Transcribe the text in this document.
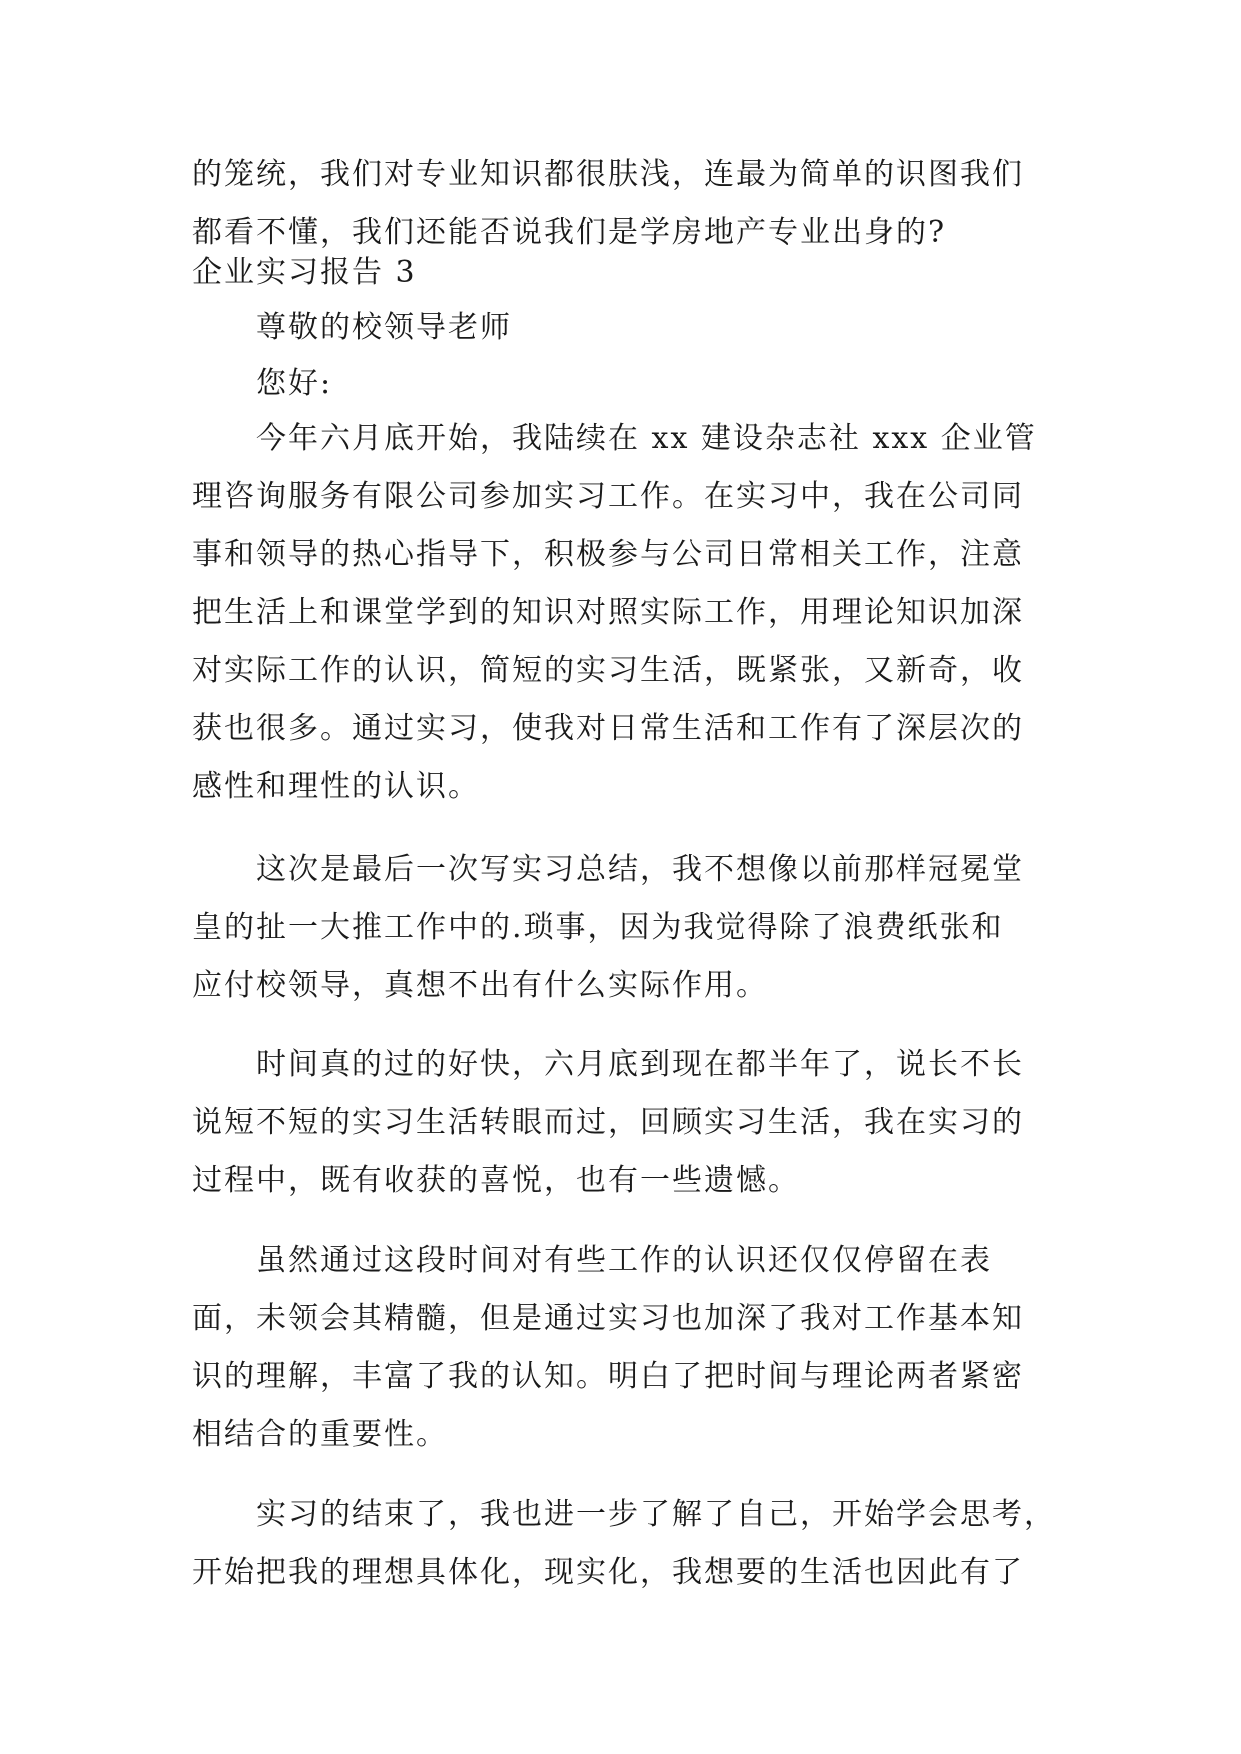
的笼统，我们对专业知识都很肤浅，连最为简单的识图我们
都看不懂，我们还能否说我们是学房地产专业出身的?
企业实习报告 3
尊敬的校领导老师
您好:
今年六月底开始，我陆续在 xx 建设杂志社 xxx 企业管
理咨询服务有限公司参加实习工作。在实习中，我在公司同
事和领导的热心指导下，积极参与公司日常相关工作，注意
把生活上和课堂学到的知识对照实际工作，用理论知识加深
对实际工作的认识，简短的实习生活，既紧张，又新奇，收
获也很多。通过实习，使我对日常生活和工作有了深层次的
感性和理性的认识。
这次是最后一次写实习总结，我不想像以前那样冠冕堂
皇的扯一大推工作中的.琐事，因为我觉得除了浪费纸张和
应付校领导，真想不出有什么实际作用。
时间真的过的好快，六月底到现在都半年了，说长不长
说短不短的实习生活转眼而过，回顾实习生活，我在实习的
过程中，既有收获的喜悦，也有一些遗憾。
虽然通过这段时间对有些工作的认识还仅仅停留在表
面，未领会其精髓，但是通过实习也加深了我对工作基本知
识的理解，丰富了我的认知。明白了把时间与理论两者紧密
相结合的重要性。
实习的结束了，我也进一步了解了自己，开始学会思考，
开始把我的理想具体化，现实化，我想要的生活也因此有了
